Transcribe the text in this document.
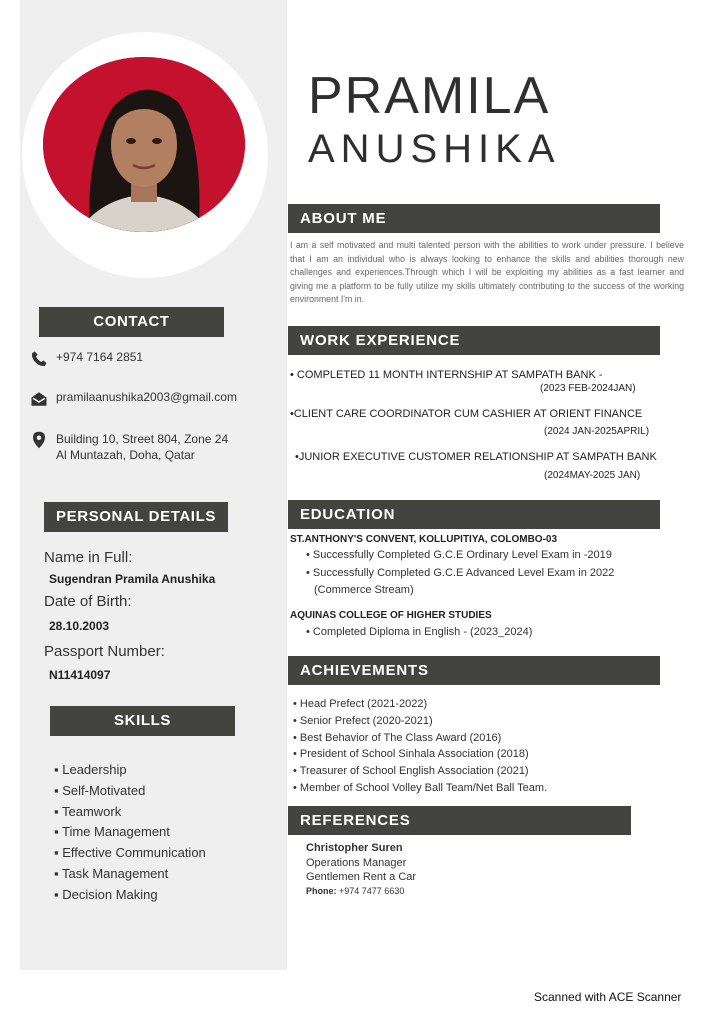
CONTACT
+974 7164 2851
pramilaanushika2003@gmail.com
Building 10, Street 804, Zone 24
Al Muntazah, Doha, Qatar
PERSONAL DETAILS
Name in Full:
Sugendran Pramila Anushika
Date of Birth:
28.10.2003
Passport Number:
N11414097
SKILLS
▪ Leadership
▪ Self-Motivated
▪ Teamwork
▪ Time Management
▪ Effective Communication
▪ Task Management
▪ Decision Making
PRAMILA
ANUSHIKA
ABOUT ME
I am a self motivated and multi talented person with the abilities to work under pressure. I believe that I am an individual who is always looking to enhance the skills and abilities thorough new challenges and experiences.Through which I will be exploiting my abilities as a fast learner and giving me a platform to be fully utilize my skills ultimately contributing to the success of the working environment I'm in.
WORK EXPERIENCE
• COMPLETED 11 MONTH INTERNSHIP AT SAMPATH BANK -
(2023 FEB-2024JAN)
•CLIENT CARE COORDINATOR CUM CASHIER AT ORIENT FINANCE
(2024 JAN-2025APRIL)
•JUNIOR EXECUTIVE CUSTOMER RELATIONSHIP AT SAMPATH BANK
(2024MAY-2025 JAN)
EDUCATION
ST.ANTHONY'S CONVENT, KOLLUPITIYA, COLOMBO-03
• Successfully Completed G.C.E Ordinary Level Exam in -2019
• Successfully Completed G.C.E Advanced Level Exam in 2022
(Commerce Stream)
AQUINAS COLLEGE OF HIGHER STUDIES
• Completed Diploma in English - (2023_2024)
ACHIEVEMENTS
• Head Prefect (2021-2022)
• Senior Prefect (2020-2021)
• Best Behavior of The Class Award (2016)
• President of School Sinhala Association (2018)
• Treasurer of School English Association (2021)
• Member of School Volley Ball Team/Net Ball Team.
REFERENCES
Christopher Suren
Operations Manager
Gentlemen Rent a Car
Phone: +974 7477 6630
Scanned with ACE Scanner
